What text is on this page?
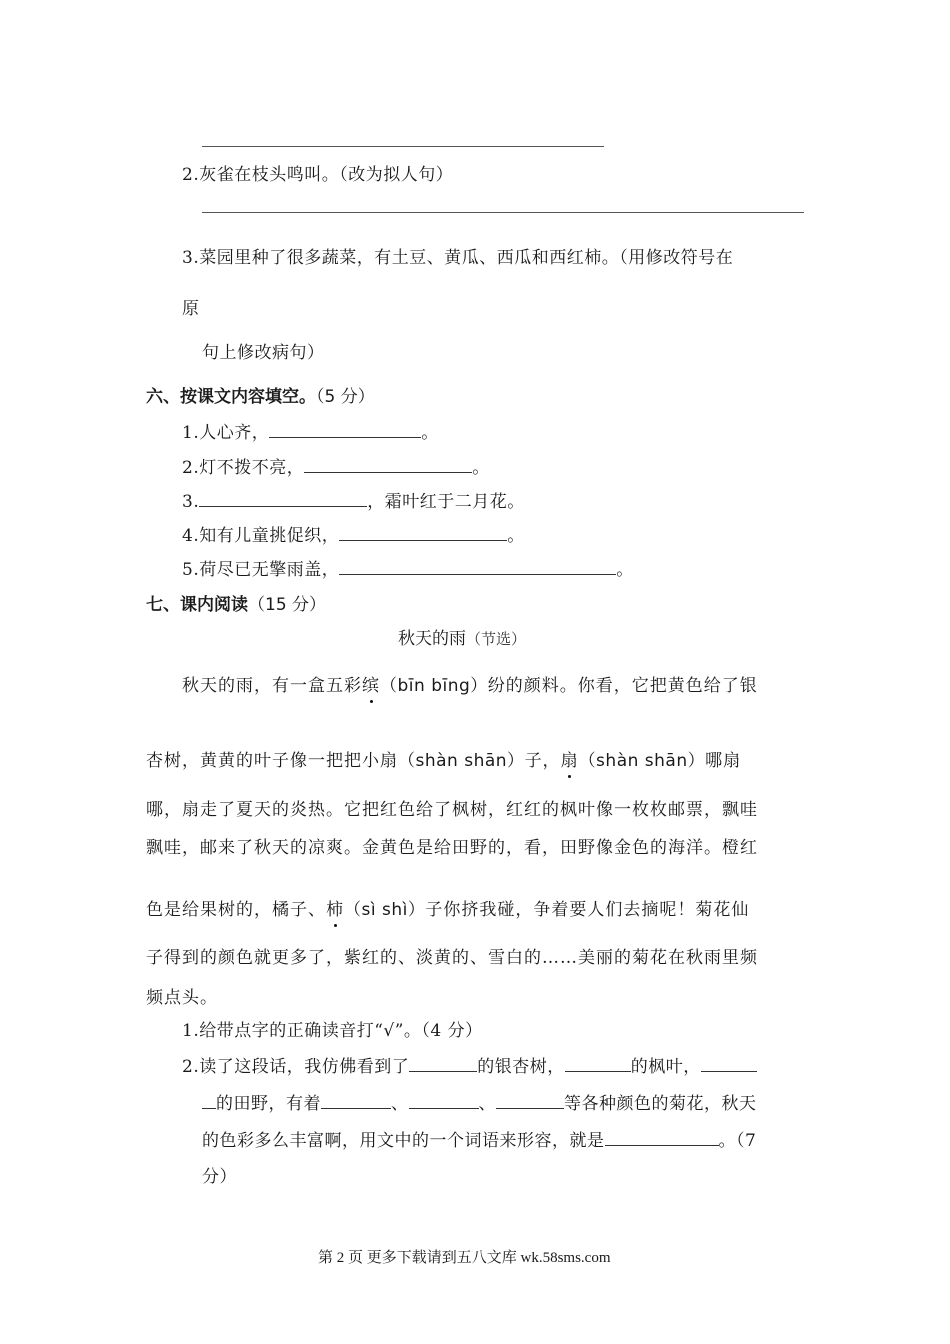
2.灰雀在枝头鸣叫。（改为拟人句）
3.菜园里种了很多蔬菜，有土豆、黄瓜、西瓜和西红柿。（用修改符号在
原
句上修改病句）
六、按课文内容填空。（5 分）
1.人心齐，	。
2.灯不拨不亮，	。
3.	，霜叶红于二月花。
4.知有儿童挑促织，	。
5.荷尽已无擎雨盖，	。
七、课内阅读（15 分）
秋天的雨（节选）
秋天的雨，有一盒五彩缤（bīn bīng）纷的颜料。你看，它把黄色给了银
杏树，黄黄的叶子像一把把小扇（shàn shān）子，扇（shàn shān）哪扇
哪，扇走了夏天的炎热。它把红色给了枫树，红红的枫叶像一枚枚邮票，飘哇
飘哇，邮来了秋天的凉爽。金黄色是给田野的，看，田野像金色的海洋。橙红
色是给果树的，橘子、柿（sì shì）子你挤我碰，争着要人们去摘呢！菊花仙
子得到的颜色就更多了，紫红的、淡黄的、雪白的……美丽的菊花在秋雨里频
频点头。
1.给带点字的正确读音打“√”。（4 分）
2.读了这段话，我仿佛看到了	的银杏树，	的枫叶，
的田野，有着	、	、	等各种颜色的菊花，秋天
的色彩多么丰富啊，用文中的一个词语来形容，就是	。（7
分）
第 2 页 更多下载请到五八文库 wk.58sms.com
